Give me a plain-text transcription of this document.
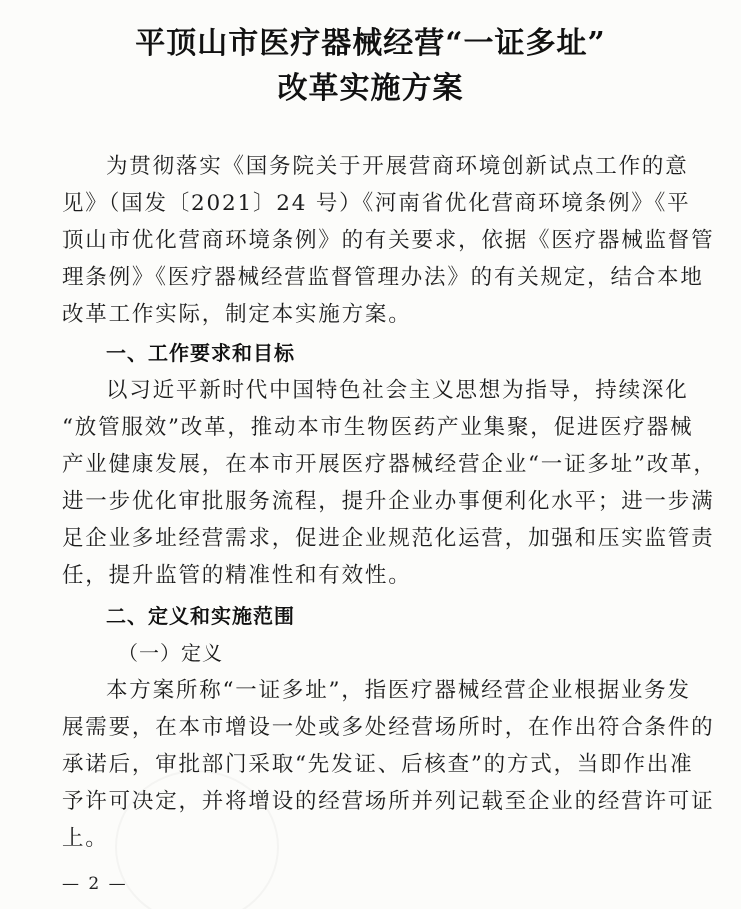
平顶山市医疗器械经营“一证多址”
改革实施方案
为贯彻落实《国务院关于开展营商环境创新试点工作的意
见》（国发〔2021〕24 号）《河南省优化营商环境条例》《平
顶山市优化营商环境条例》的有关要求，依据《医疗器械监督管
理条例》《医疗器械经营监督管理办法》的有关规定，结合本地
改革工作实际，制定本实施方案。
一、工作要求和目标
以习近平新时代中国特色社会主义思想为指导，持续深化
“放管服效”改革，推动本市生物医药产业集聚，促进医疗器械
产业健康发展，在本市开展医疗器械经营企业“一证多址”改革，
进一步优化审批服务流程，提升企业办事便利化水平；进一步满
足企业多址经营需求，促进企业规范化运营，加强和压实监管责
任，提升监管的精准性和有效性。
二、定义和实施范围
（一）定义
本方案所称“一证多址”，指医疗器械经营企业根据业务发
展需要，在本市增设一处或多处经营场所时，在作出符合条件的
承诺后，审批部门采取“先发证、后核查”的方式，当即作出准
予许可决定，并将增设的经营场所并列记载至企业的经营许可证
上。
— 2 —
